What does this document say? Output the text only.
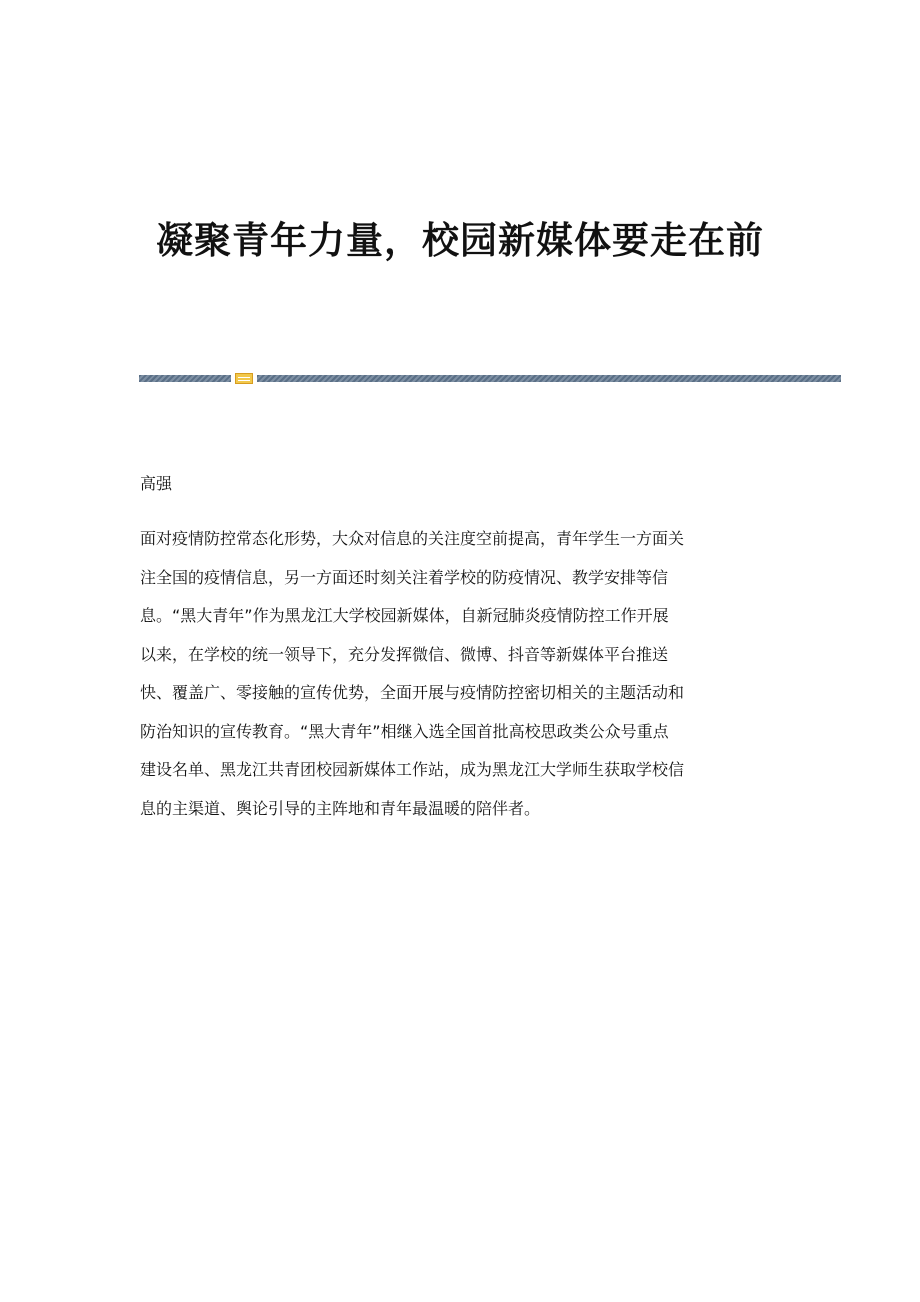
凝聚青年力量，校园新媒体要走在前

高强

面对疫情防控常态化形势，大众对信息的关注度空前提高，青年学生一方面关
注全国的疫情信息，另一方面还时刻关注着学校的防疫情况、教学安排等信
息。“黑大青年”作为黑龙江大学校园新媒体，自新冠肺炎疫情防控工作开展
以来，在学校的统一领导下，充分发挥微信、微博、抖音等新媒体平台推送
快、覆盖广、零接触的宣传优势，全面开展与疫情防控密切相关的主题活动和
防治知识的宣传教育。“黑大青年”相继入选全国首批高校思政类公众号重点
建设名单、黑龙江共青团校园新媒体工作站，成为黑龙江大学师生获取学校信
息的主渠道、舆论引导的主阵地和青年最温暖的陪伴者。
